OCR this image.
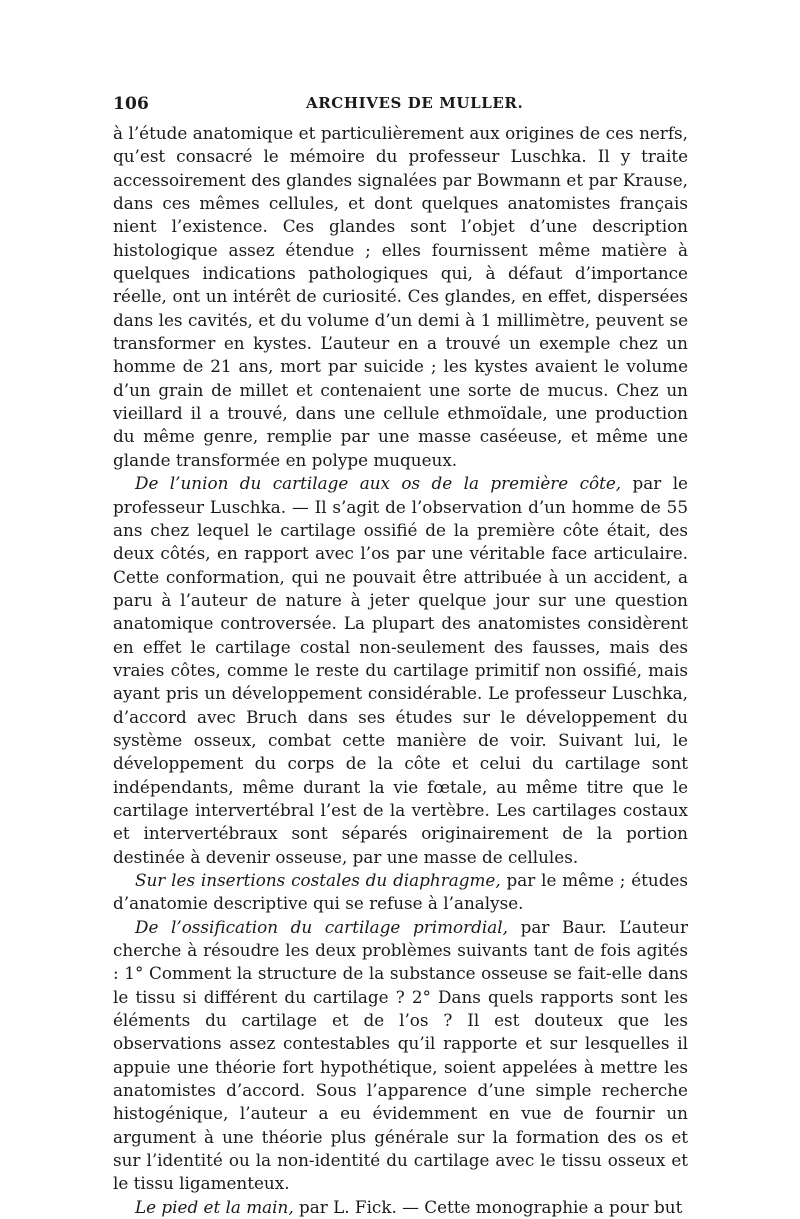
106	ARCHIVES DE MULLER.

à l’étude anatomique et particulièrement aux origines de ces nerfs, qu’est consacré le mémoire du professeur Luschka. Il y traite accessoirement des glandes signalées par Bowmann et par Krause, dans ces mêmes cellules, et dont quelques anatomistes français nient l’existence. Ces glandes sont l’objet d’une description histologique assez étendue ; elles fournissent même matière à quelques indications pathologiques qui, à défaut d’importance réelle, ont un intérêt de curiosité. Ces glandes, en effet, dispersées dans les cavités, et du volume d’un demi à 1 millimètre, peuvent se transformer en kystes. L’auteur en a trouvé un exemple chez un homme de 21 ans, mort par suicide ; les kystes avaient le volume d’un grain de millet et contenaient une sorte de mucus. Chez un vieillard il a trouvé, dans une cellule ethmoïdale, une production du même genre, remplie par une masse caséeuse, et même une glande transformée en polype muqueux.

De l’union du cartilage aux os de la première côte, par le professeur Luschka. — Il s’agit de l’observation d’un homme de 55 ans chez lequel le cartilage ossifié de la première côte était, des deux côtés, en rapport avec l’os par une véritable face articulaire. Cette conformation, qui ne pouvait être attribuée à un accident, a paru à l’auteur de nature à jeter quelque jour sur une question anatomique controversée. La plupart des anatomistes considèrent en effet le cartilage costal non-seulement des fausses, mais des vraies côtes, comme le reste du cartilage primitif non ossifié, mais ayant pris un développement considérable. Le professeur Luschka, d’accord avec Bruch dans ses études sur le développement du système osseux, combat cette manière de voir. Suivant lui, le développement du corps de la côte et celui du cartilage sont indépendants, même durant la vie fœtale, au même titre que le cartilage intervertébral l’est de la vertèbre. Les cartilages costaux et intervertébraux sont séparés originairement de la portion destinée à devenir osseuse, par une masse de cellules.

Sur les insertions costales du diaphragme, par le même ; études d’anatomie descriptive qui se refuse à l’analyse.

De l’ossification du cartilage primordial, par Baur. L’auteur cherche à résoudre les deux problèmes suivants tant de fois agités : 1° Comment la structure de la substance osseuse se fait-elle dans le tissu si différent du cartilage ? 2° Dans quels rapports sont les éléments du cartilage et de l’os ? Il est douteux que les observations assez contestables qu’il rapporte et sur lesquelles il appuie une théorie fort hypothétique, soient appelées à mettre les anatomistes d’accord. Sous l’apparence d’une simple recherche histogénique, l’auteur a eu évidemment en vue de fournir un argument à une théorie plus générale sur la formation des os et sur l’identité ou la non-identité du cartilage avec le tissu osseux et le tissu ligamenteux.

Le pied et la main, par L. Fick. — Cette monographie a pour but
